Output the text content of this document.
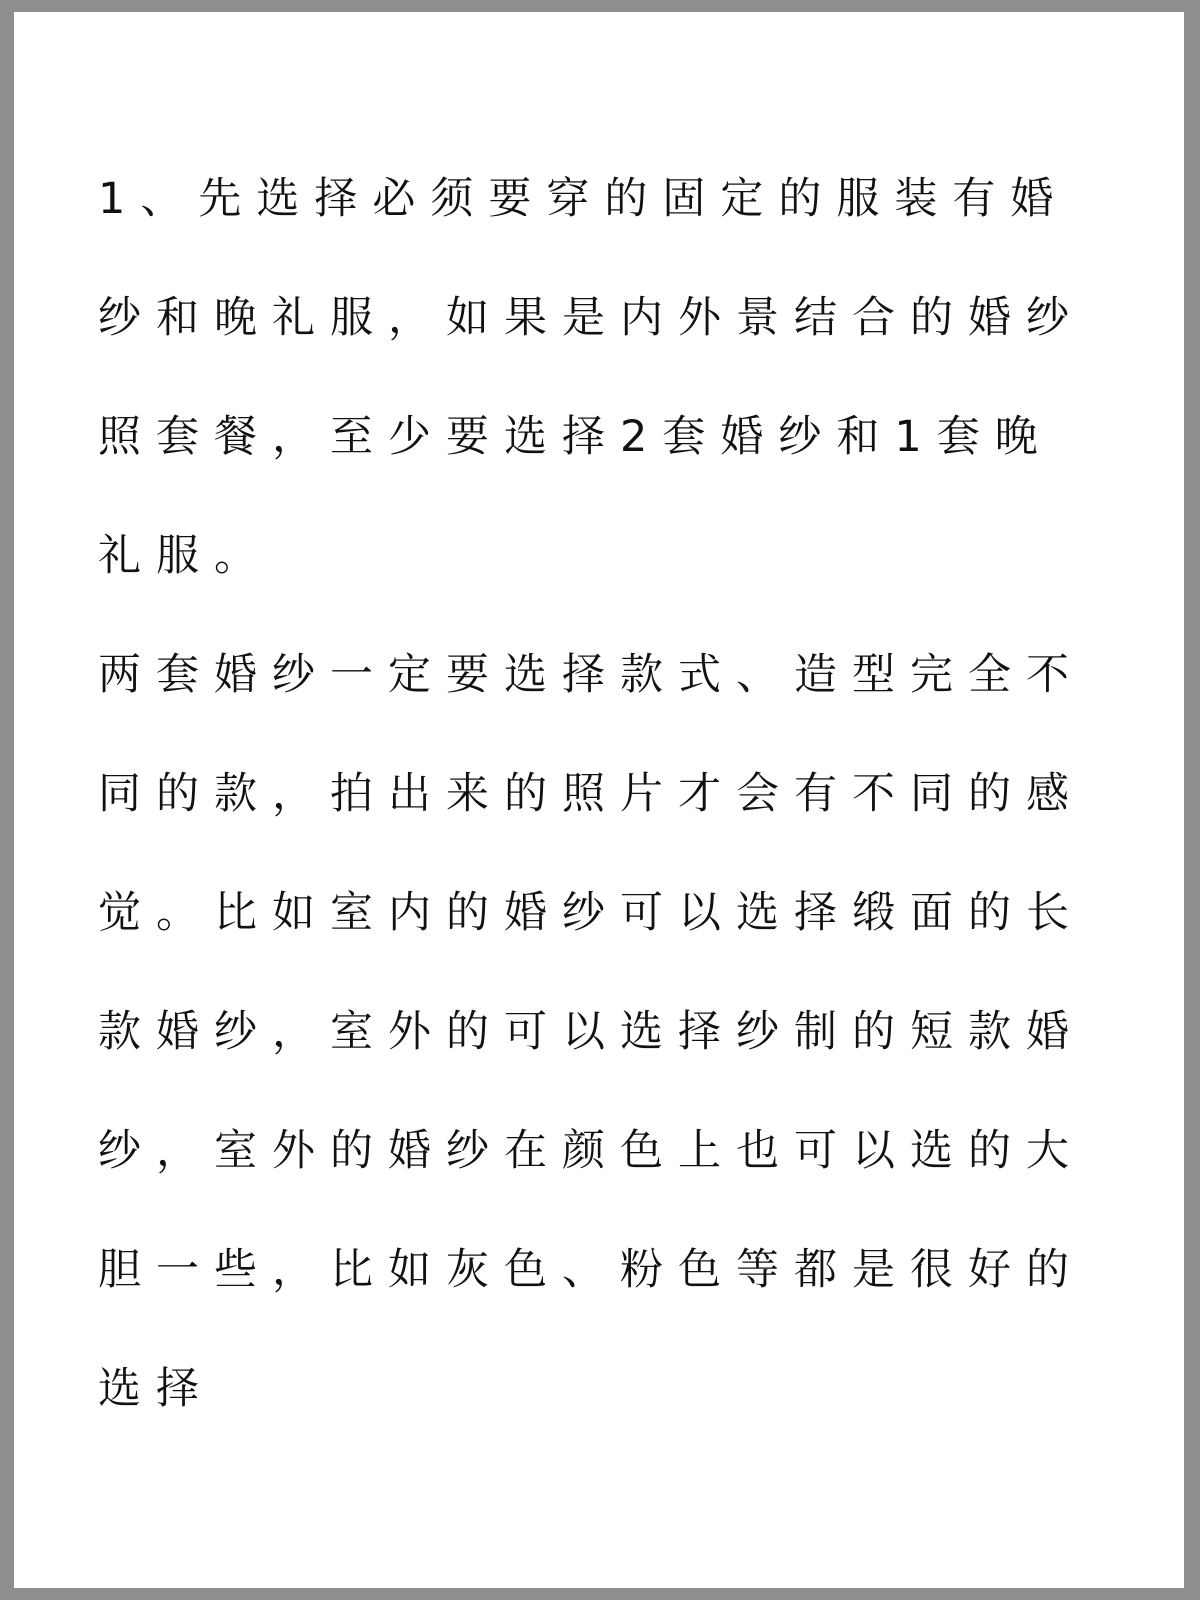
1、先选择必须要穿的固定的服装有婚
纱和晚礼服，如果是内外景结合的婚纱
照套餐，至少要选择2套婚纱和1套晚
礼服。
两套婚纱一定要选择款式、造型完全不
同的款，拍出来的照片才会有不同的感
觉。比如室内的婚纱可以选择缎面的长
款婚纱，室外的可以选择纱制的短款婚
纱，室外的婚纱在颜色上也可以选的大
胆一些，比如灰色、粉色等都是很好的
选择
